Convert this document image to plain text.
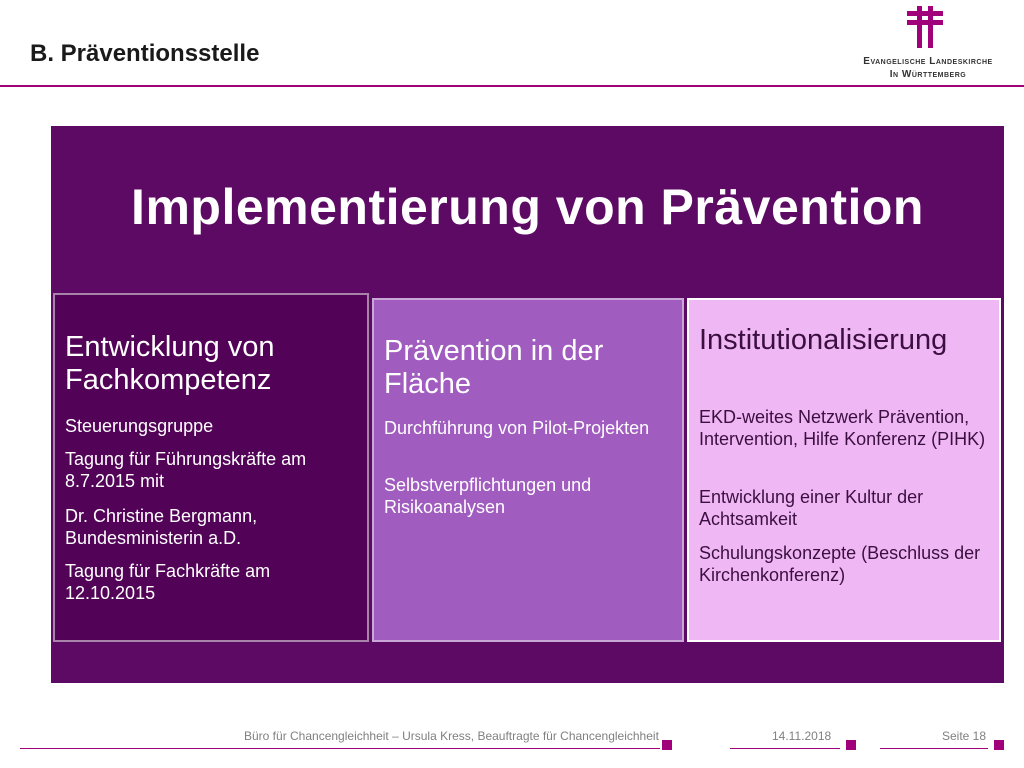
B. Präventionsstelle	Evangelische Landeskirche
In Württemberg
Implementierung von Prävention
Entwicklung von Fachkompetenz
Steuerungsgruppe
Tagung für Führungskräfte am 8.7.2015 mit
Dr. Christine Bergmann, Bundesministerin a.D.
Tagung für Fachkräfte am 12.10.2015
Prävention in der Fläche
Durchführung von Pilot-Projekten
Selbstverpflichtungen und Risikoanalysen
Institutionalisierung
EKD-weites Netzwerk Prävention, Intervention, Hilfe Konferenz (PIHK)
Entwicklung einer Kultur der Achtsamkeit
Schulungskonzepte (Beschluss der Kirchenkonferenz)
Büro für Chancengleichheit – Ursula Kress, Beauftragte für Chancengleichheit	14.11.2018	Seite 18
